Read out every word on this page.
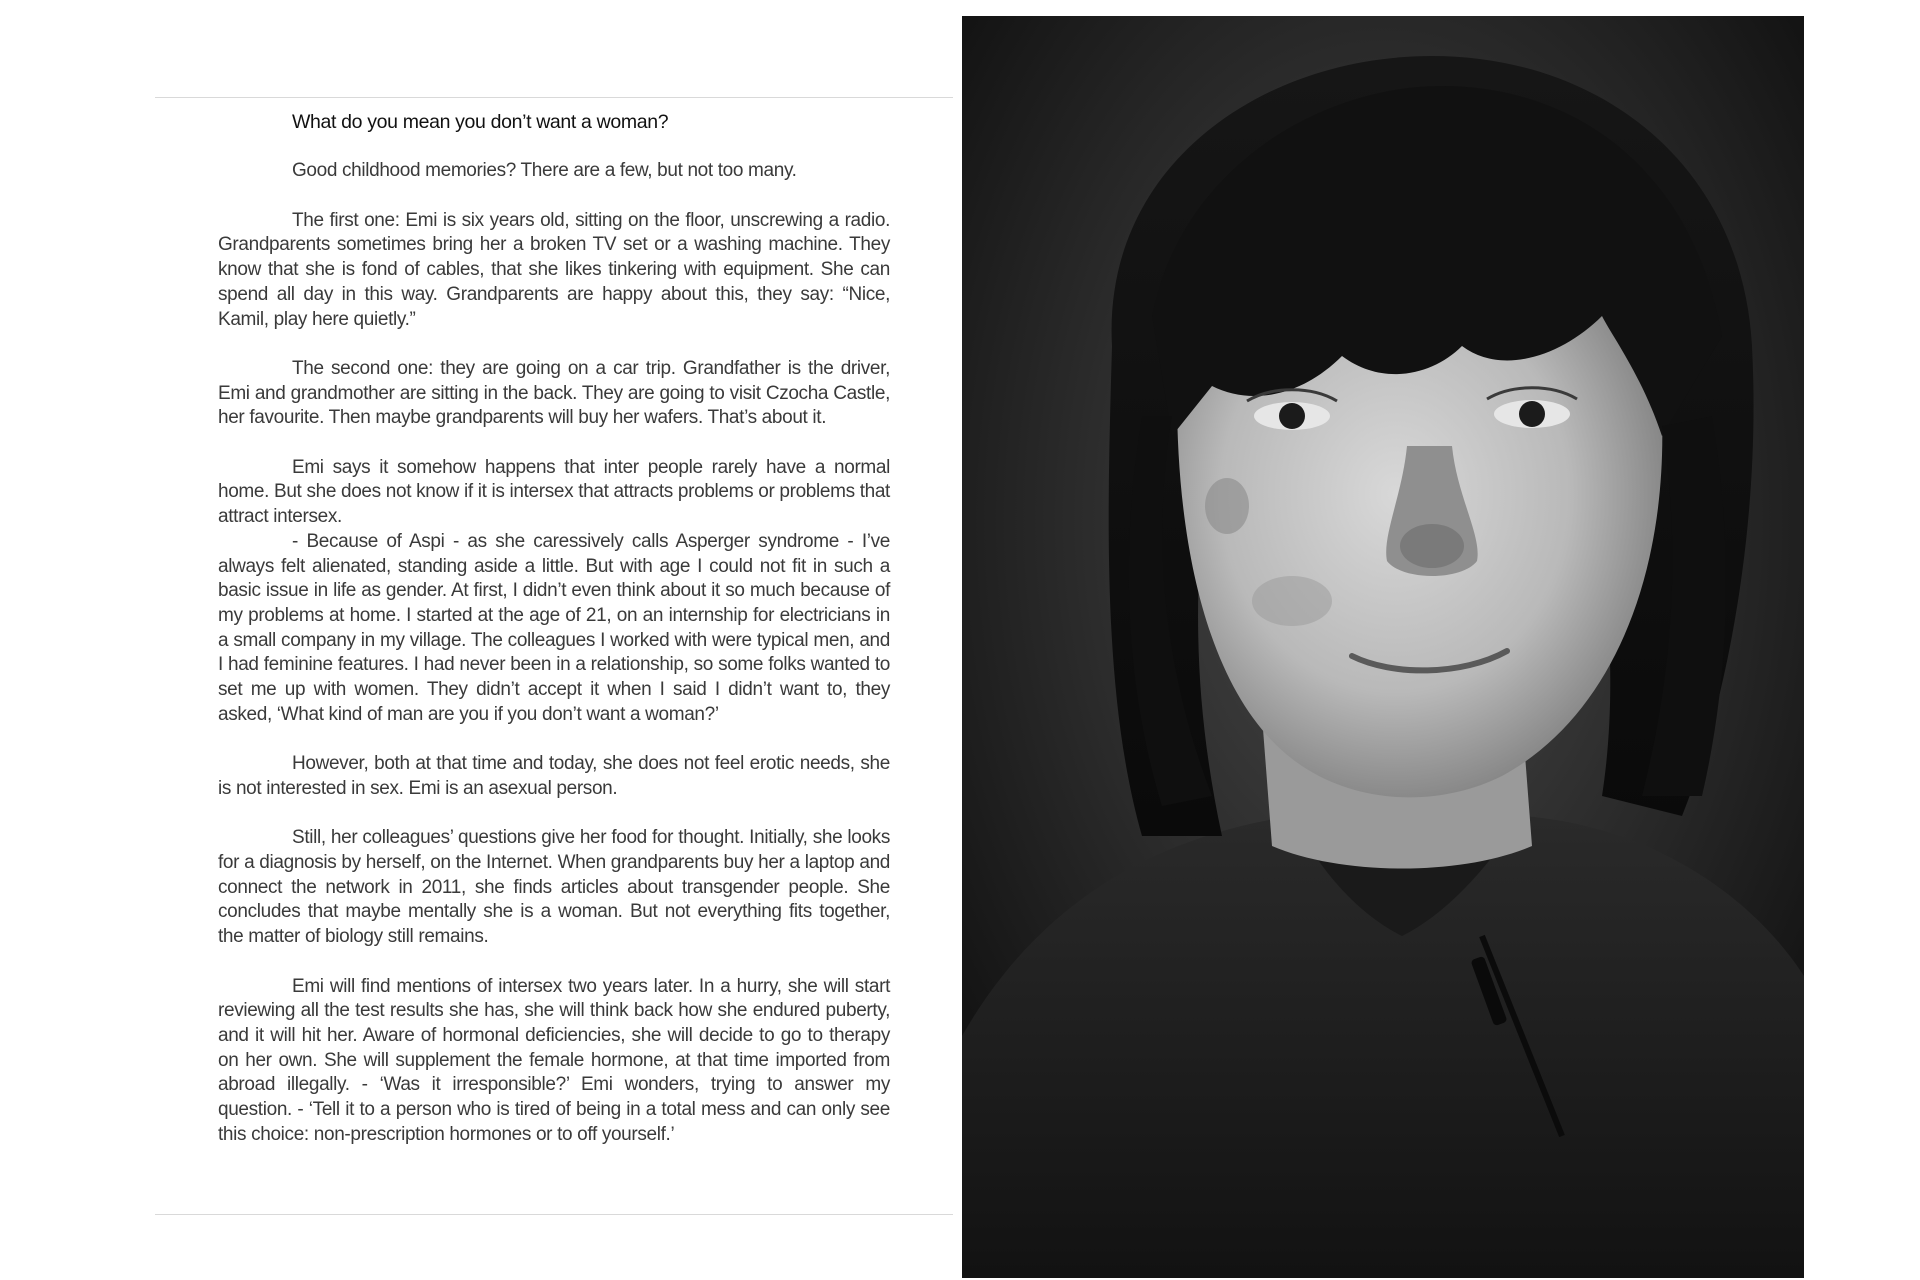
What do you mean you don’t want a woman?

Good childhood memories? There are a few, but not too many.

The first one: Emi is six years old, sitting on the floor, unscrewing a radio. Grandparents sometimes bring her a broken TV set or a washing machine. They know that she is fond of cables, that she likes tinkering with equipment. She can spend all day in this way. Grandparents are happy about this, they say: “Nice, Kamil, play here quietly.”

The second one: they are going on a car trip. Grandfather is the driver, Emi and grandmother are sitting in the back. They are going to visit Czocha Castle, her favourite. Then maybe grandparents will buy her wafers. That’s about it.

Emi says it somehow happens that inter people rarely have a normal home. But she does not know if it is intersex that attracts problems or problems that attract intersex.

- Because of Aspi - as she caressively calls Asperger syndrome - I’ve always felt alienated, standing aside a little. But with age I could not fit in such a basic issue in life as gender. At first, I didn’t even think about it so much because of my problems at home. I started at the age of 21, on an internship for electricians in a small company in my village. The colleagues I worked with were typical men, and I had feminine features. I had never been in a relationship, so some folks wanted to set me up with women. They didn’t accept it when I said I didn’t want to, they asked, ‘What kind of man are you if you don’t want a woman?’

However, both at that time and today, she does not feel erotic needs, she is not interested in sex. Emi is an asexual person.

Still, her colleagues’ questions give her food for thought. Initially, she looks for a diagnosis by herself, on the Internet. When grandparents buy her a laptop and connect the network in 2011, she finds articles about transgender people. She concludes that maybe mentally she is a woman. But not everything fits together, the matter of biology still remains.

Emi will find mentions of intersex two years later. In a hurry, she will start reviewing all the test results she has, she will think back how she endured puberty, and it will hit her. Aware of hormonal deficiencies, she will decide to go to therapy on her own. She will supplement the female hormone, at that time imported from abroad illegally. - ‘Was it irresponsible?’ Emi wonders, trying to answer my question. - ‘Tell it to a person who is tired of being in a total mess and can only see this choice: non-prescription hormones or to off yourself.’
